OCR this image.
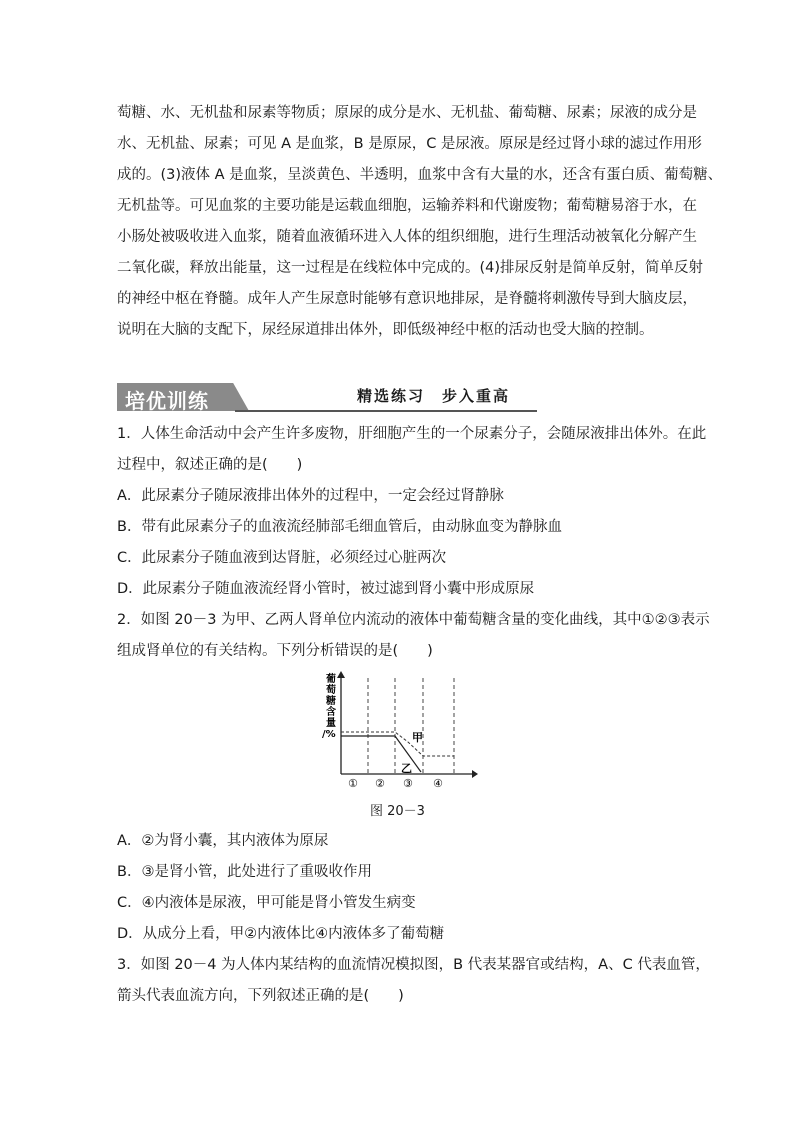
萄糖、水、无机盐和尿素等物质；原尿的成分是水、无机盐、葡萄糖、尿素；尿液的成分是
水、无机盐、尿素；可见 A 是血浆，B 是原尿，C 是尿液。原尿是经过肾小球的滤过作用形
成的。(3)液体 A 是血浆，呈淡黄色、半透明，血浆中含有大量的水，还含有蛋白质、葡萄糖、
无机盐等。可见血浆的主要功能是运载血细胞，运输养料和代谢废物；葡萄糖易溶于水，在
小肠处被吸收进入血浆，随着血液循环进入人体的组织细胞，进行生理活动被氧化分解产生
二氧化碳，释放出能量，这一过程是在线粒体中完成的。(4)排尿反射是简单反射，简单反射
的神经中枢在脊髓。成年人产生尿意时能够有意识地排尿，是脊髓将刺激传导到大脑皮层，
说明在大脑的支配下，尿经尿道排出体外，即低级神经中枢的活动也受大脑的控制。
培优训练	精选练习　步入重高
1．人体生命活动中会产生许多废物，肝细胞产生的一个尿素分子，会随尿液排出体外。在此
过程中，叙述正确的是(　　)
A．此尿素分子随尿液排出体外的过程中，一定会经过肾静脉
B．带有此尿素分子的血液流经肺部毛细血管后，由动脉血变为静脉血
C．此尿素分子随血液到达肾脏，必须经过心脏两次
D．此尿素分子随血液流经肾小管时，被过滤到肾小囊中形成原尿
2．如图 20－3 为甲、乙两人肾单位内流动的液体中葡萄糖含量的变化曲线，其中①②③表示
组成肾单位的有关结构。下列分析错误的是(　　)
葡 萄 糖 含 量 /%	甲
乙
① ② ③ ④
图 20－3
A．②为肾小囊，其内液体为原尿
B．③是肾小管，此处进行了重吸收作用
C．④内液体是尿液，甲可能是肾小管发生病变
D．从成分上看，甲②内液体比④内液体多了葡萄糖
3．如图 20－4 为人体内某结构的血流情况模拟图，B 代表某器官或结构，A、C 代表血管，
箭头代表血流方向，下列叙述正确的是(　　)
